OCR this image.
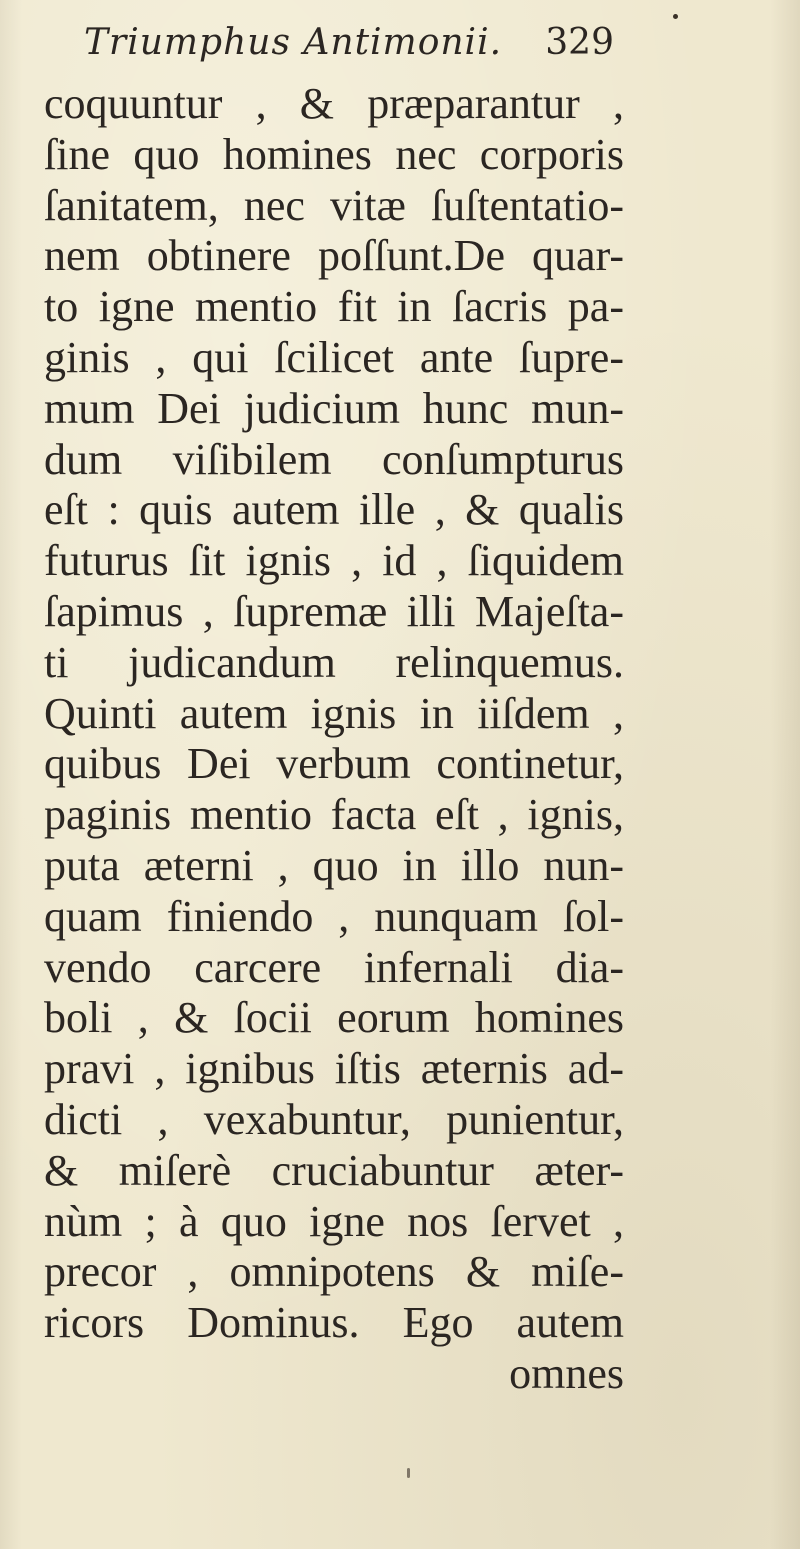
Triumphus Antimonii. 329
coquuntur , & præparantur ,
ſine quo homines nec corporis
ſanitatem, nec vitæ ſuſtentatio-
nem obtinere poſſunt.De quar-
to igne mentio fit in ſacris pa-
ginis , qui ſcilicet ante ſupre-
mum Dei judicium hunc mun-
dum viſibilem conſumpturus
eſt : quis autem ille , & qualis
futurus ſit ignis , id , ſiquidem
ſapimus , ſupremæ illi Majeſta-
ti judicandum relinquemus.
Quinti autem ignis in iiſdem ,
quibus Dei verbum continetur,
paginis mentio facta eſt , ignis,
puta æterni , quo in illo nun-
quam finiendo , nunquam ſol-
vendo carcere infernali dia-
boli , & ſocii eorum homines
pravi , ignibus iſtis æternis ad-
dicti , vexabuntur, punientur,
& miſerè cruciabuntur æter-
nùm ; à quo igne nos ſervet ,
precor , omnipotens & miſe-
ricors Dominus. Ego autem
omnes
